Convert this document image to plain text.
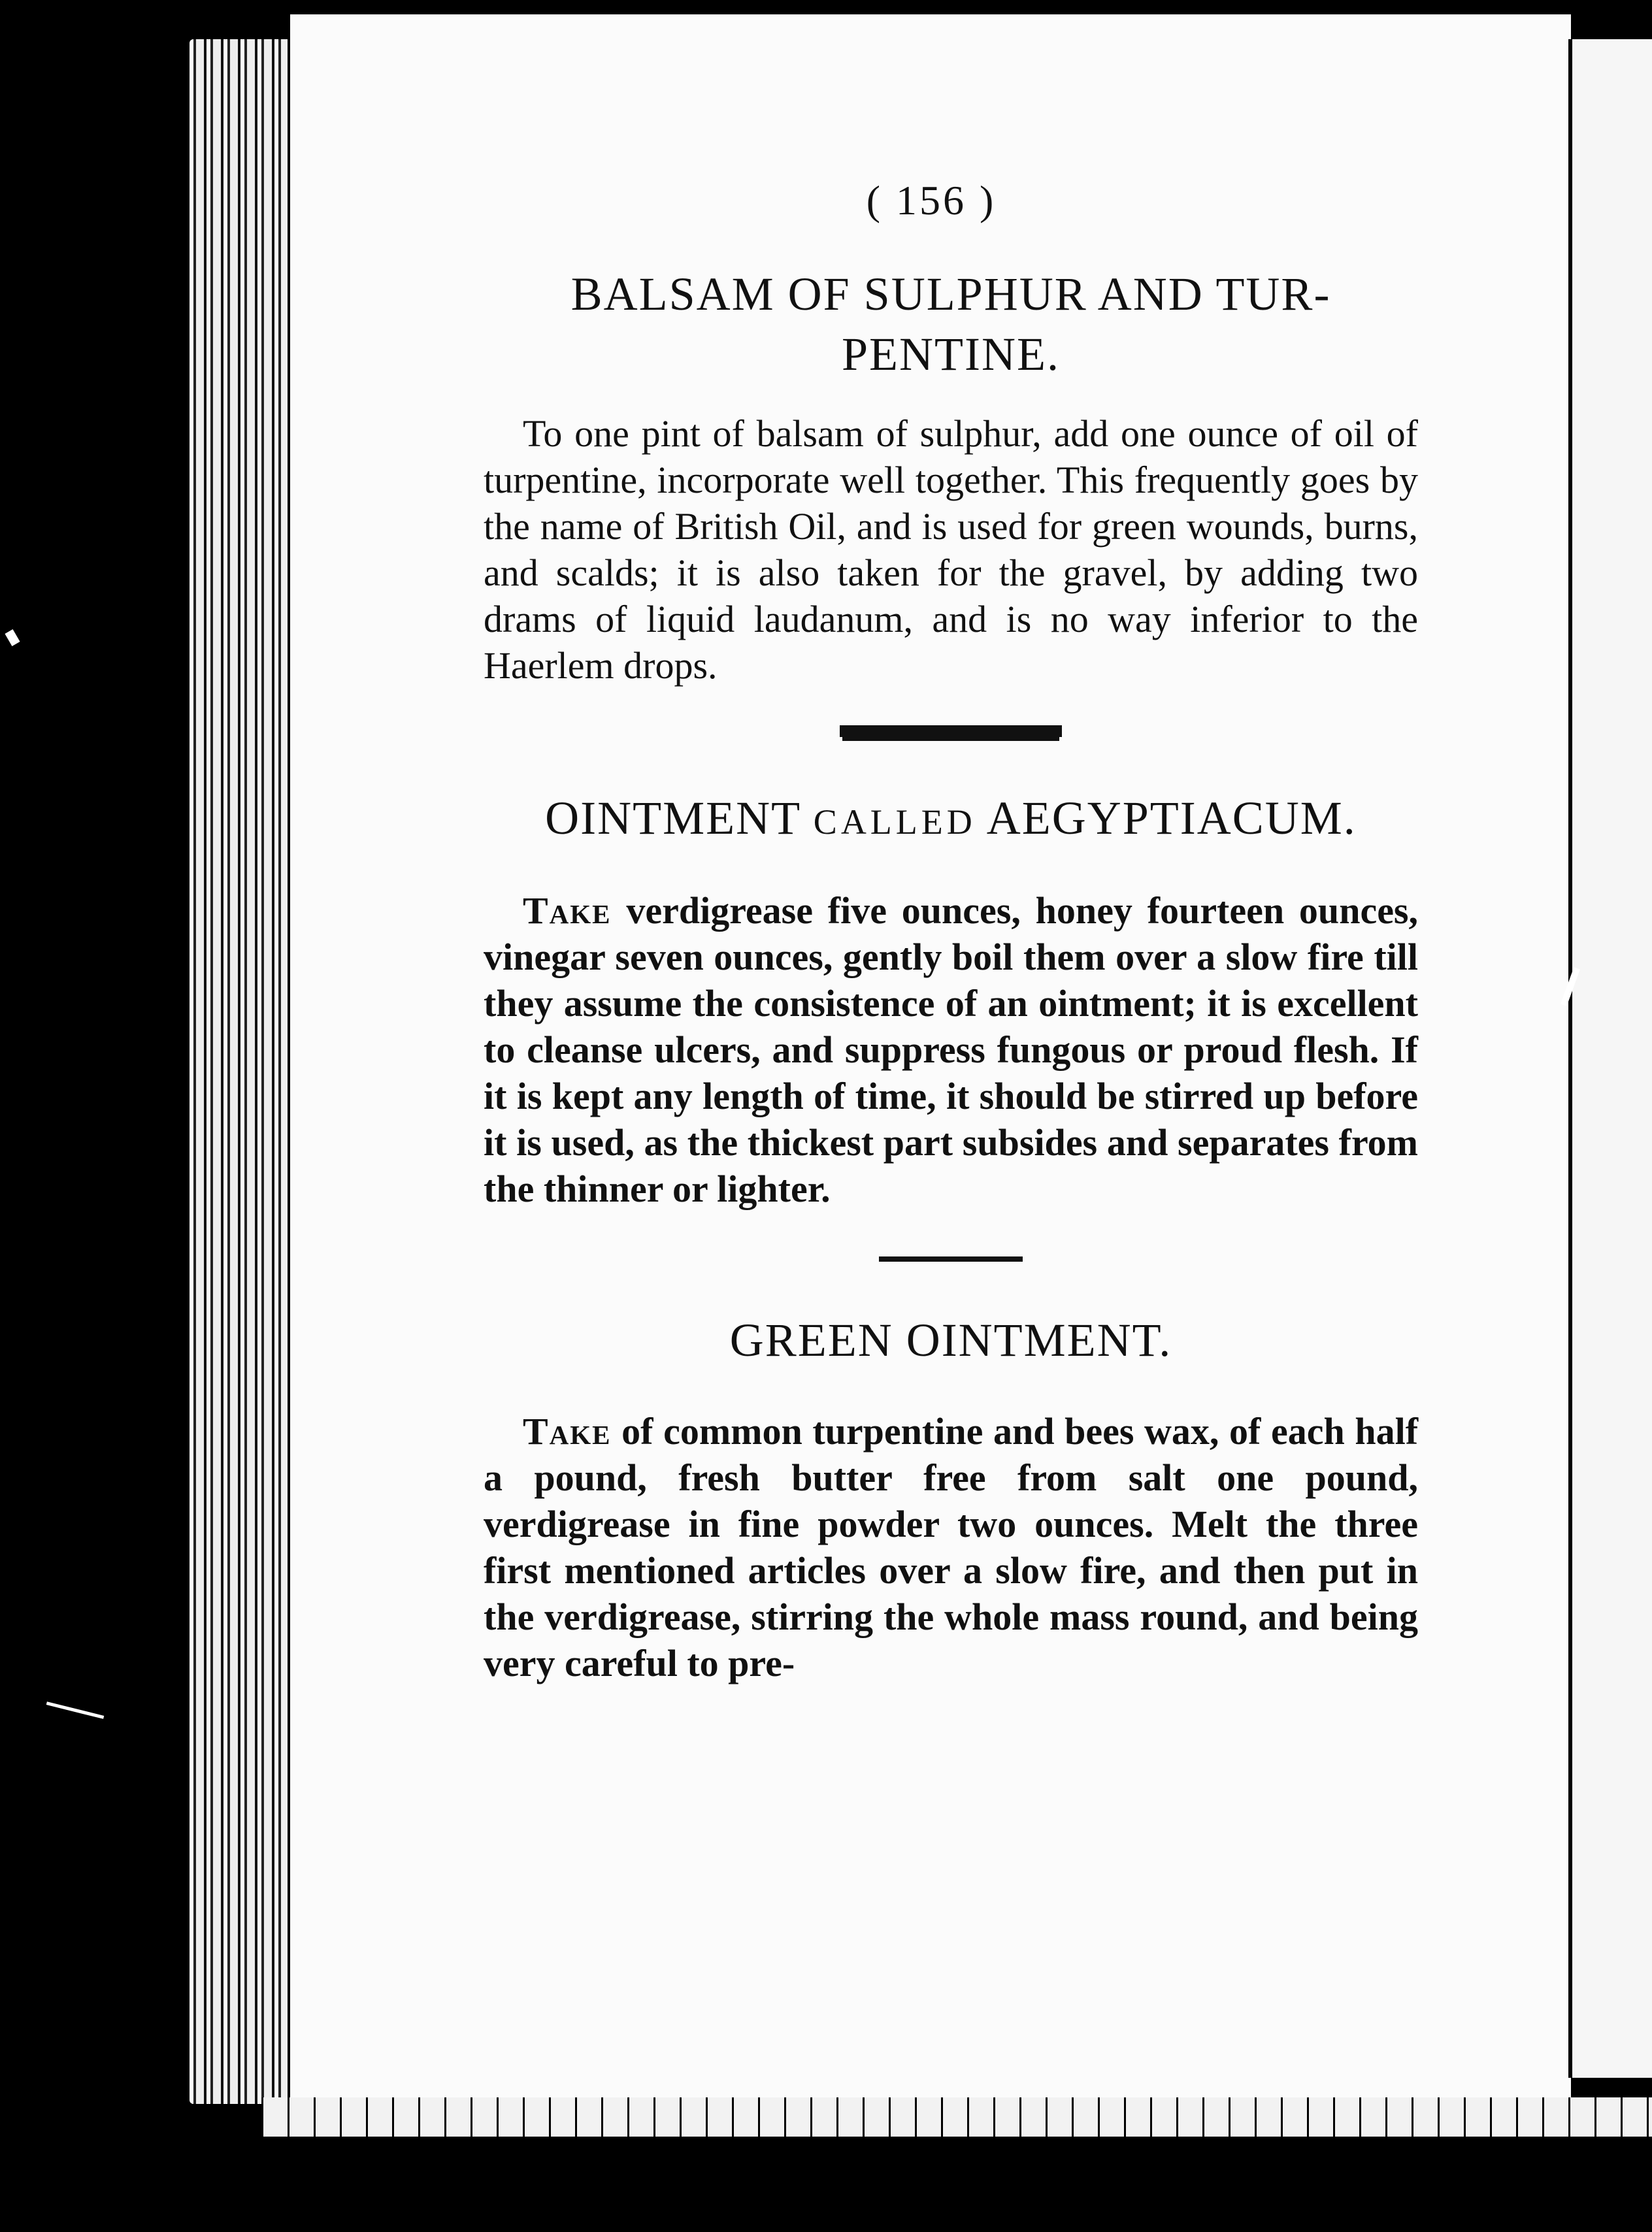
( 156 )
BALSAM OF SULPHUR AND TUR-
PENTINE.

To one pint of balsam of sulphur, add one ounce of oil of turpentine, incorporate well together. This frequently goes by the name of British Oil, and is used for green wounds, burns, and scalds; it is also taken for the gravel, by adding two drams of liquid laudanum, and is no way inferior to the Haerlem drops.

OINTMENT CALLED AEGYPTIACUM.

Take verdigrease five ounces, honey fourteen ounces, vinegar seven ounces, gently boil them over a slow fire till they assume the consistence of an ointment; it is excellent to cleanse ulcers, and suppress fungous or proud flesh. If it is kept any length of time, it should be stirred up before it is used, as the thickest part subsides and separates from the thinner or lighter.

GREEN OINTMENT.

Take of common turpentine and bees wax, of each half a pound, fresh butter free from salt one pound, verdigrease in fine powder two ounces. Melt the three first mentioned articles over a slow fire, and then put in the verdigrease, stirring the whole mass round, and being very careful to pre-
